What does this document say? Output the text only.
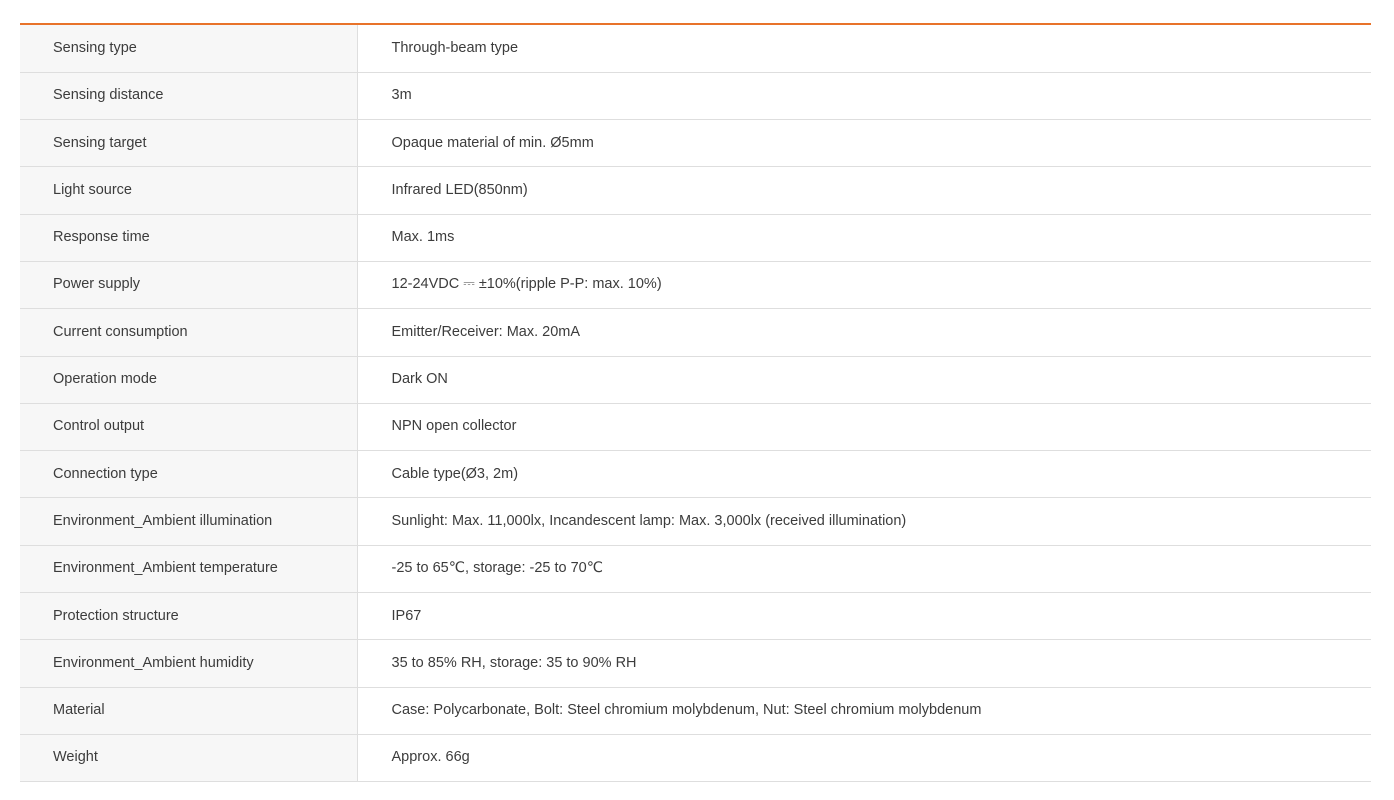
Sensing type	Through-beam type
Sensing distance	3m
Sensing target	Opaque material of min. Ø5mm
Light source	Infrared LED(850nm)
Response time	Max. 1ms
Power supply	12-24VDC ⎓ ±10%(ripple P-P: max. 10%)
Current consumption	Emitter/Receiver: Max. 20mA
Operation mode	Dark ON
Control output	NPN open collector
Connection type	Cable type(Ø3, 2m)
Environment_Ambient illumination	Sunlight: Max. 11,000lx, Incandescent lamp: Max. 3,000lx (received illumination)
Environment_Ambient temperature	-25 to 65℃, storage: -25 to 70℃
Protection structure	IP67
Environment_Ambient humidity	35 to 85% RH, storage: 35 to 90% RH
Material	Case: Polycarbonate, Bolt: Steel chromium molybdenum, Nut: Steel chromium molybdenum
Weight	Approx. 66g
